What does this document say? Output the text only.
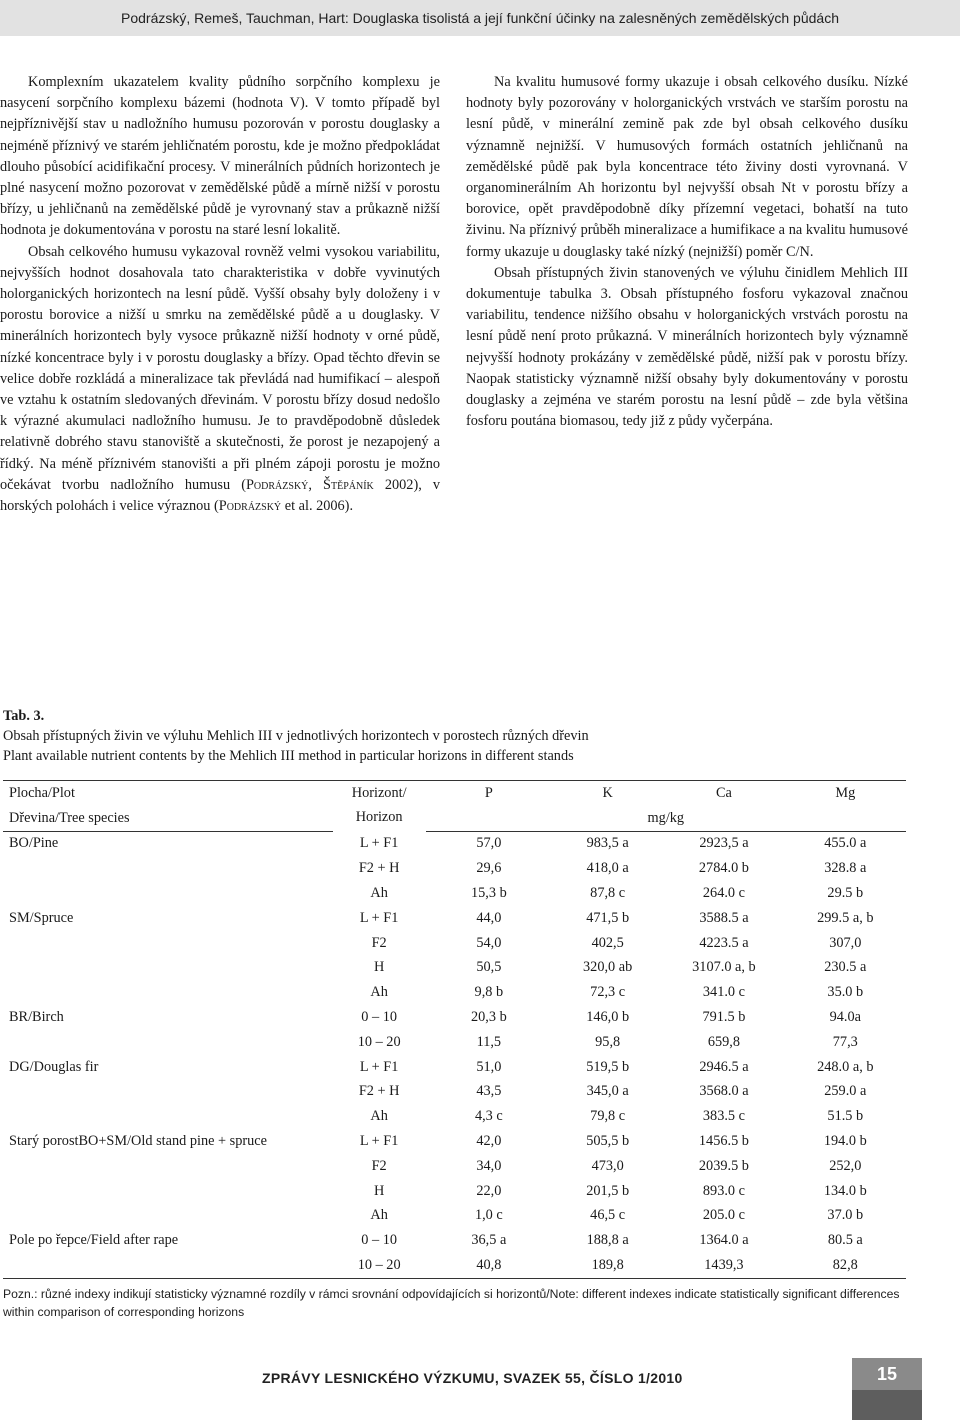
Podrázský, Remeš, Tauchman, Hart: Douglaska tisolistá a její funkční účinky na zalesněných zemědělských půdách

Komplexním ukazatelem kvality půdního sorpčního komplexu je nasycení sorpčního komplexu bázemi (hodnota V). V tomto případě byl nejpříznivější stav u nadložního humusu pozorován v porostu douglasky a nejméně příznivý ve starém jehličnatém porostu, kde je možno předpokládat dlouho působící acidifikační procesy. V minerálních půdních horizontech je plné nasycení možno pozorovat v zemědělské půdě a mírně nižší v porostu břízy, u jehličnanů na zemědělské půdě je vyrovnaný stav a průkazně nižší hodnota je dokumentována v porostu na staré lesní lokalitě.

Obsah celkového humusu vykazoval rovněž velmi vysokou variabilitu, nejvyšších hodnot dosahovala tato charakteristika v dobře vyvinutých holorganických horizontech na lesní půdě. Vyšší obsahy byly doloženy i v porostu borovice a nižší u smrku na zemědělské půdě a u douglasky. V minerálních horizontech byly vysoce průkazně nižší hodnoty v orné půdě, nízké koncentrace byly i v porostu douglasky a břízy. Opad těchto dřevin se velice dobře rozkládá a mineralizace tak převládá nad humifikací – alespoň ve vztahu k ostatním sledovaných dřevinám. V porostu břízy dosud nedošlo k výrazné akumulaci nadložního humusu. Je to pravděpodobně důsledek relativně dobrého stavu stanoviště a skutečnosti, že porost je nezapojený a řídký. Na méně příznivém stanovišti a při plném zápoji porostu je možno očekávat tvorbu nadložního humusu (Podrázský, Štěpáník 2002), v horských polohách i velice výraznou (Podrázský et al. 2006).

Na kvalitu humusové formy ukazuje i obsah celkového dusíku. Nízké hodnoty byly pozorovány v holorganických vrstvách ve starším porostu na lesní půdě, v minerální zemině pak zde byl obsah celkového dusíku významně nejnižší. V humusových formách ostatních jehličnanů na zemědělské půdě pak byla koncentrace této živiny dosti vyrovnaná. V organominerálním Ah horizontu byl nejvyšší obsah Nt v porostu břízy a borovice, opět pravděpodobně díky přízemní vegetaci, bohatší na tuto živinu. Na příznivý průběh mineralizace a humifikace a na kvalitu humusové formy ukazuje u douglasky také nízký (nejnižší) poměr C/N.

Obsah přístupných živin stanovených ve výluhu činidlem Mehlich III dokumentuje tabulka 3. Obsah přístupného fosforu vykazoval značnou variabilitu, tendence nižšího obsahu v holorganických vrstvách porostu na lesní půdě není proto průkazná. V minerálních horizontech byly významně nejvyšší hodnoty prokázány v zemědělské půdě, nižší pak v porostu břízy. Naopak statisticky významně nižší obsahy byly dokumentovány v porostu douglasky a zejména ve starém porostu na lesní půdě – zde byla většina fosforu poutána biomasou, tedy již z půdy vyčerpána.

Tab. 3.
Obsah přístupných živin ve výluhu Mehlich III v jednotlivých horizontech v porostech různých dřevin
Plant available nutrient contents by the Mehlich III method in particular horizons in different stands
Plocha/Plot	Horizont/ Horizon	P	K	Ca	Mg
Dřevina/Tree species		mg/kg			
BO/Pine	L + F1	57,0	983,5 a	2923,5 a	455.0 a
	F2 + H	29,6	418,0 a	2784.0 b	328.8 a
	Ah	15,3 b	87,8 c	264.0 c	29.5 b
SM/Spruce	L + F1	44,0	471,5 b	3588.5 a	299.5 a, b
	F2	54,0	402,5	4223.5 a	307,0
	H	50,5	320,0 ab	3107.0 a, b	230.5 a
	Ah	9,8 b	72,3 c	341.0 c	35.0 b
BR/Birch	0 – 10	20,3 b	146,0 b	791.5 b	94.0a
	10 – 20	11,5	95,8	659,8	77,3
DG/Douglas fir	L + F1	51,0	519,5 b	2946.5 a	248.0 a, b
	F2 + H	43,5	345,0 a	3568.0 a	259.0 a
	Ah	4,3 c	79,8 c	383.5 c	51.5 b
Starý porostBO+SM/Old stand pine + spruce	L + F1	42,0	505,5 b	1456.5 b	194.0 b
	F2	34,0	473,0	2039.5 b	252,0
	H	22,0	201,5 b	893.0 c	134.0 b
	Ah	1,0 c	46,5 c	205.0 c	37.0 b
Pole po řepce/Field after rape	0 – 10	36,5 a	188,8 a	1364.0 a	80.5 a
	10 – 20	40,8	189,8	1439,3	82,8
Pozn.: různé indexy indikují statisticky významné rozdíly v rámci srovnání odpovídajících si horizontů/Note: different indexes indicate statistically significant differences within comparison of corresponding horizons
ZPRÁVY LESNICKÉHO VÝZKUMU, SVAZEK 55, ČÍSLO 1/2010	15
